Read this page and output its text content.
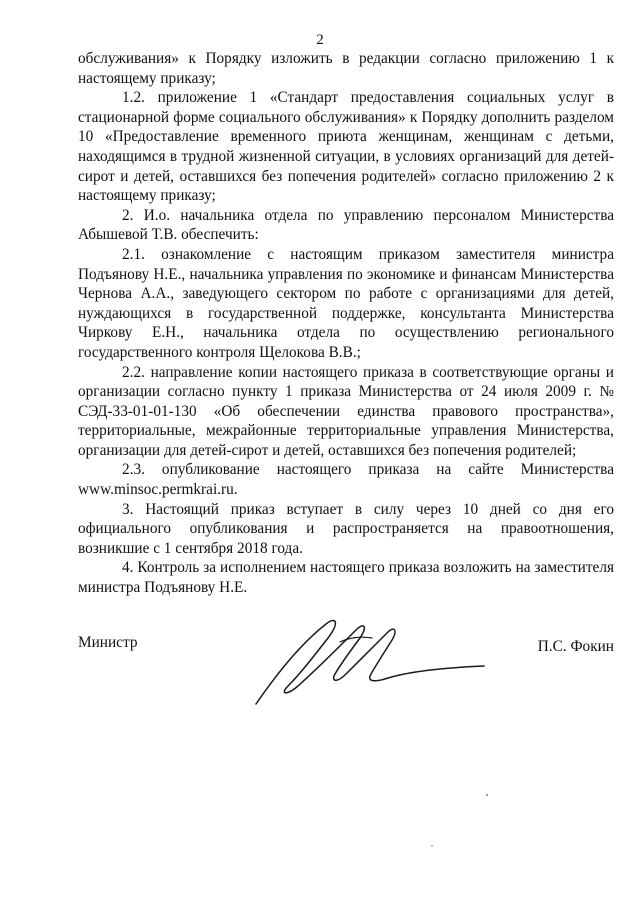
2

обслуживания» к Порядку изложить в редакции согласно приложению 1 к настоящему приказу;

1.2. приложение 1 «Стандарт предоставления социальных услуг в стационарной форме социального обслуживания» к Порядку дополнить разделом 10 «Предоставление временного приюта женщинам, женщинам с детьми, находящимся в трудной жизненной ситуации, в условиях организаций для детей-сирот и детей, оставшихся без попечения родителей» согласно приложению 2 к настоящему приказу;

2. И.о. начальника отдела по управлению персоналом Министерства Абышевой Т.В. обеспечить:

2.1. ознакомление с настоящим приказом заместителя министра Подъянову Н.Е., начальника управления по экономике и финансам Министерства Чернова А.А., заведующего сектором по работе с организациями для детей, нуждающихся в государственной поддержке, консультанта Министерства Чиркову Е.Н., начальника отдела по осуществлению регионального государственного контроля Щелокова В.В.;

2.2. направление копии настоящего приказа в соответствующие органы и организации согласно пункту 1 приказа Министерства от 24 июля 2009 г. № СЭД-33-01-01-130 «Об обеспечении единства правового пространства», территориальные, межрайонные территориальные управления Министерства, организации для детей-сирот и детей, оставшихся без попечения родителей;

2.3. опубликование настоящего приказа на сайте Министерства www.minsoc.permkrai.ru.

3. Настоящий приказ вступает в силу через 10 дней со дня его официального опубликования и распространяется на правоотношения, возникшие с 1 сентября 2018 года.

4. Контроль за исполнением настоящего приказа возложить на заместителя министра Подъянову Н.Е.

Министр	П.С. Фокин
